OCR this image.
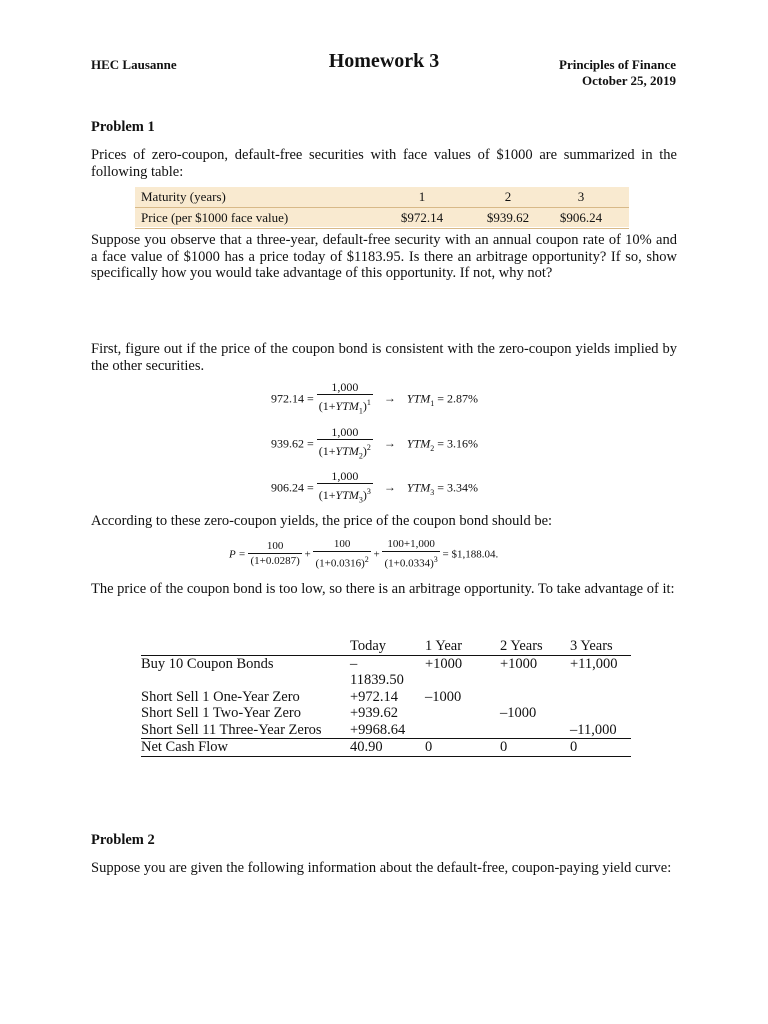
HEC Lausanne	Homework 3	Principles of Finance
October 25, 2019
Problem 1
Prices of zero-coupon, default-free securities with face values of $1000 are summarized in the following table:
Maturity (years)	1	2	3
Price (per $1000 face value)	$972.14	$939.62	$906.24
Suppose you observe that a three-year, default-free security with an annual coupon rate of 10% and a face value of $1000 has a price today of $1183.95. Is there an arbitrage opportunity? If so, show specifically how you would take advantage of this opportunity. If not, why not?
First, figure out if the price of the coupon bond is consistent with the zero-coupon yields implied by the other securities.
$972.14 = \frac{1,000}{(1+YTM_1)^1} \to YTM_1 = 2.87\%$
$939.62 = \frac{1,000}{(1+YTM_2)^2} \to YTM_2 = 3.16\%$
$906.24 = \frac{1,000}{(1+YTM_3)^3} \to YTM_3 = 3.34\%$
According to these zero-coupon yields, the price of the coupon bond should be:
$P = \frac{100}{(1+0.0287)} + \frac{100}{(1+0.0316)^2} + \frac{100+1,000}{(1+0.0334)^3}$ = $1,188.04.
The price of the coupon bond is too low, so there is an arbitrage opportunity. To take advantage of it:
	Today	1 Year	2 Years	3 Years
Buy 10 Coupon Bonds	–	+1000	+1000	+11,000
	11839.50			
Short Sell 1 One-Year Zero	+972.14	–1000		
Short Sell 1 Two-Year Zero	+939.62		–1000	
Short Sell 11 Three-Year Zeros	+9968.64			–11,000
Net Cash Flow	40.90	0	0	0
Problem 2
Suppose you are given the following information about the default-free, coupon-paying yield curve:
